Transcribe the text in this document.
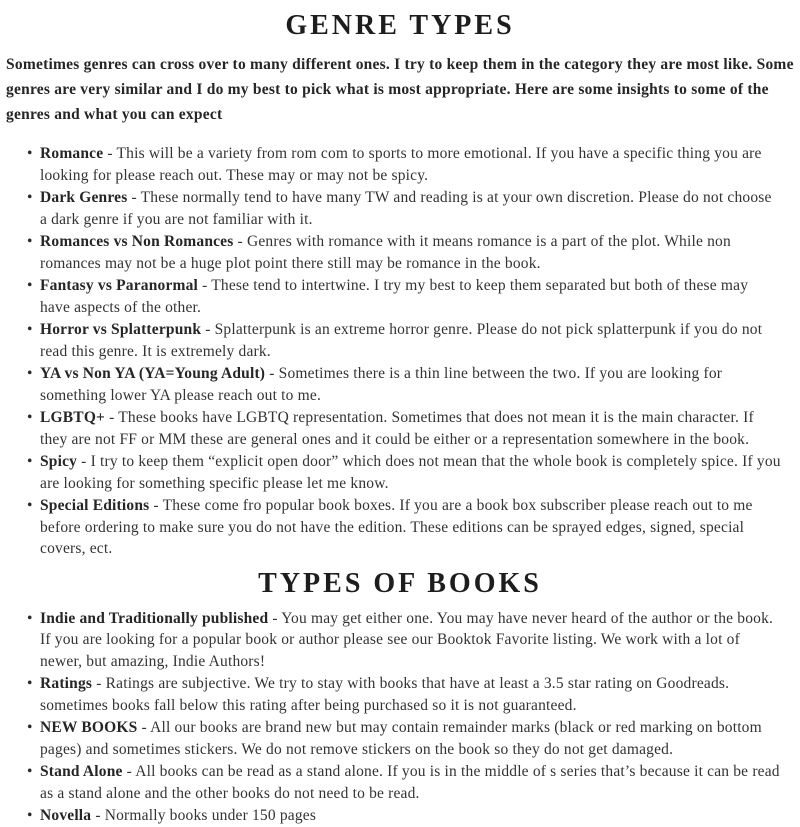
GENRE TYPES

Sometimes genres can cross over to many different ones. I try to keep them in the category they are most like. Some genres are very similar and I do my best to pick what is most appropriate. Here are some insights to some of the genres and what you can expect

• Romance - This will be a variety from rom com to sports to more emotional. If you have a specific thing you are looking for please reach out. These may or may not be spicy.
• Dark Genres - These normally tend to have many TW and reading is at your own discretion. Please do not choose a dark genre if you are not familiar with it.
• Romances vs Non Romances - Genres with romance with it means romance is a part of the plot. While non romances may not be a huge plot point there still may be romance in the book.
• Fantasy vs Paranormal - These tend to intertwine. I try my best to keep them separated but both of these may have aspects of the other.
• Horror vs Splatterpunk - Splatterpunk is an extreme horror genre. Please do not pick splatterpunk if you do not read this genre. It is extremely dark.
• YA vs Non YA (YA=Young Adult) - Sometimes there is a thin line between the two. If you are looking for something lower YA please reach out to me.
• LGBTQ+ - These books have LGBTQ representation. Sometimes that does not mean it is the main character. If they are not FF or MM these are general ones and it could be either or a representation somewhere in the book.
• Spicy - I try to keep them “explicit open door” which does not mean that the whole book is completely spice. If you are looking for something specific please let me know.
• Special Editions - These come fro popular book boxes. If you are a book box subscriber please reach out to me before ordering to make sure you do not have the edition. These editions can be sprayed edges, signed, special covers, ect.
TYPES OF BOOKS
• Indie and Traditionally published - You may get either one. You may have never heard of the author or the book. If you are looking for a popular book or author please see our Booktok Favorite listing. We work with a lot of newer, but amazing, Indie Authors!
• Ratings - Ratings are subjective. We try to stay with books that have at least a 3.5 star rating on Goodreads. sometimes books fall below this rating after being purchased so it is not guaranteed.
• NEW BOOKS - All our books are brand new but may contain remainder marks (black or red marking on bottom pages) and sometimes stickers. We do not remove stickers on the book so they do not get damaged.
• Stand Alone - All books can be read as a stand alone. If you is in the middle of s series that’s because it can be read as a stand alone and the other books do not need to be read.
• Novella - Normally books under 150 pages
